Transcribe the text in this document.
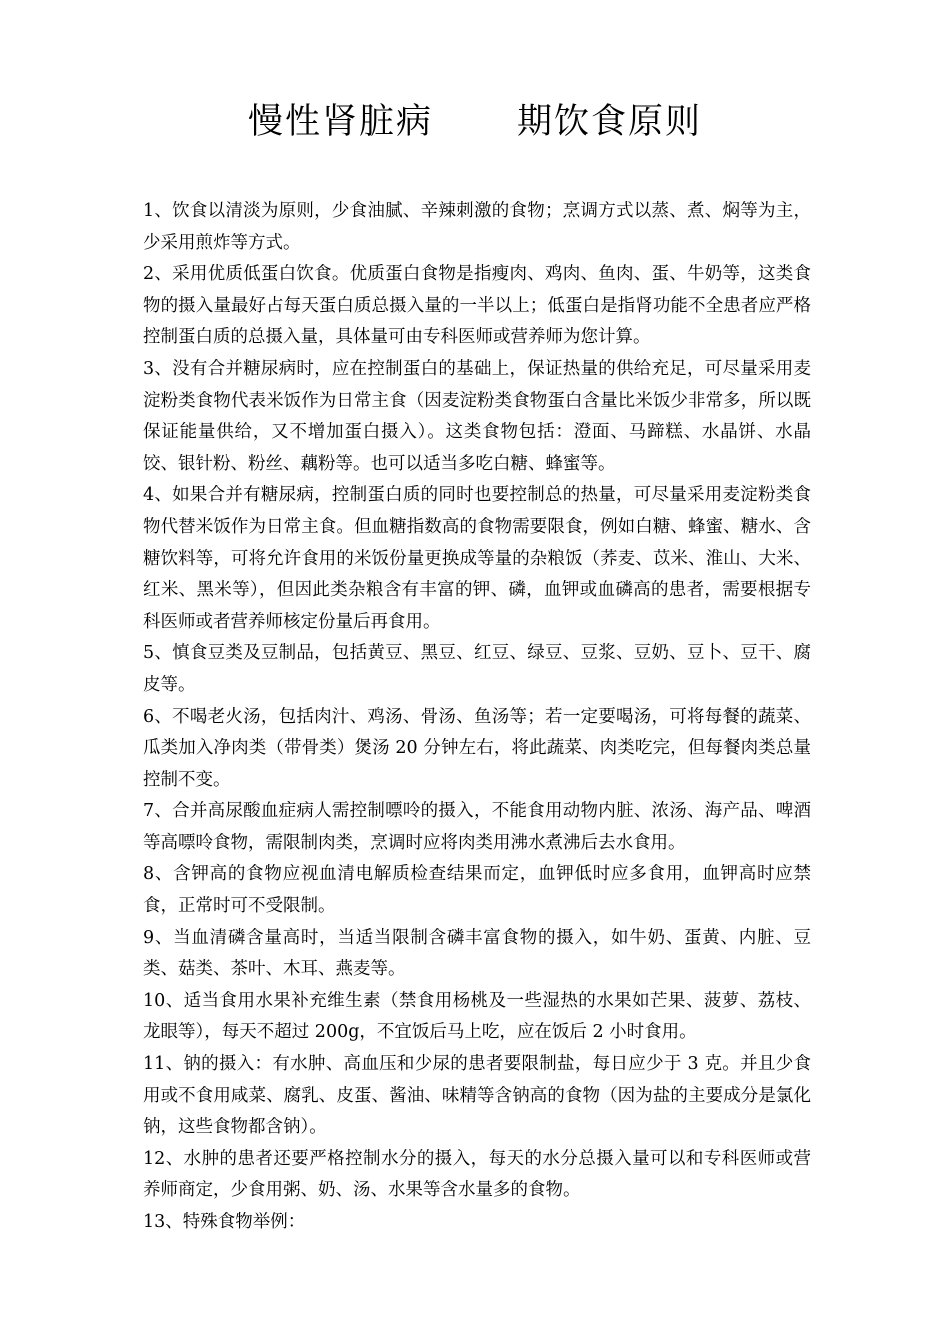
慢性肾脏病 期饮食原则

1、饮食以清淡为原则，少食油腻、辛辣刺激的食物；烹调方式以蒸、煮、焖等为主，少采用煎炸等方式。

2、采用优质低蛋白饮食。优质蛋白食物是指瘦肉、鸡肉、鱼肉、蛋、牛奶等，这类食物的摄入量最好占每天蛋白质总摄入量的一半以上；低蛋白是指肾功能不全患者应严格控制蛋白质的总摄入量，具体量可由专科医师或营养师为您计算。

3、没有合并糖尿病时，应在控制蛋白的基础上，保证热量的供给充足，可尽量采用麦淀粉类食物代表米饭作为日常主食（因麦淀粉类食物蛋白含量比米饭少非常多，所以既保证能量供给，又不增加蛋白摄入）。这类食物包括：澄面、马蹄糕、水晶饼、水晶饺、银针粉、粉丝、藕粉等。也可以适当多吃白糖、蜂蜜等。

4、如果合并有糖尿病，控制蛋白质的同时也要控制总的热量，可尽量采用麦淀粉类食物代替米饭作为日常主食。但血糖指数高的食物需要限食，例如白糖、蜂蜜、糖水、含糖饮料等，可将允许食用的米饭份量更换成等量的杂粮饭（荞麦、苡米、淮山、大米、红米、黑米等），但因此类杂粮含有丰富的钾、磷，血钾或血磷高的患者，需要根据专科医师或者营养师核定份量后再食用。

5、慎食豆类及豆制品，包括黄豆、黑豆、红豆、绿豆、豆浆、豆奶、豆卜、豆干、腐皮等。

6、不喝老火汤，包括肉汁、鸡汤、骨汤、鱼汤等；若一定要喝汤，可将每餐的蔬菜、瓜类加入净肉类（带骨类）煲汤 20 分钟左右，将此蔬菜、肉类吃完，但每餐肉类总量控制不变。

7、合并高尿酸血症病人需控制嘌呤的摄入，不能食用动物内脏、浓汤、海产品、啤酒等高嘌呤食物，需限制肉类，烹调时应将肉类用沸水煮沸后去水食用。

8、含钾高的食物应视血清电解质检查结果而定，血钾低时应多食用，血钾高时应禁食，正常时可不受限制。

9、当血清磷含量高时，当适当限制含磷丰富食物的摄入，如牛奶、蛋黄、内脏、豆类、菇类、茶叶、木耳、燕麦等。

10、适当食用水果补充维生素（禁食用杨桃及一些湿热的水果如芒果、菠萝、荔枝、龙眼等），每天不超过 200g，不宜饭后马上吃，应在饭后 2 小时食用。

11、钠的摄入：有水肿、高血压和少尿的患者要限制盐，每日应少于 3 克。并且少食用或不食用咸菜、腐乳、皮蛋、酱油、味精等含钠高的食物（因为盐的主要成分是氯化钠，这些食物都含钠）。

12、水肿的患者还要严格控制水分的摄入，每天的水分总摄入量可以和专科医师或营养师商定，少食用粥、奶、汤、水果等含水量多的食物。

13、特殊食物举例：
